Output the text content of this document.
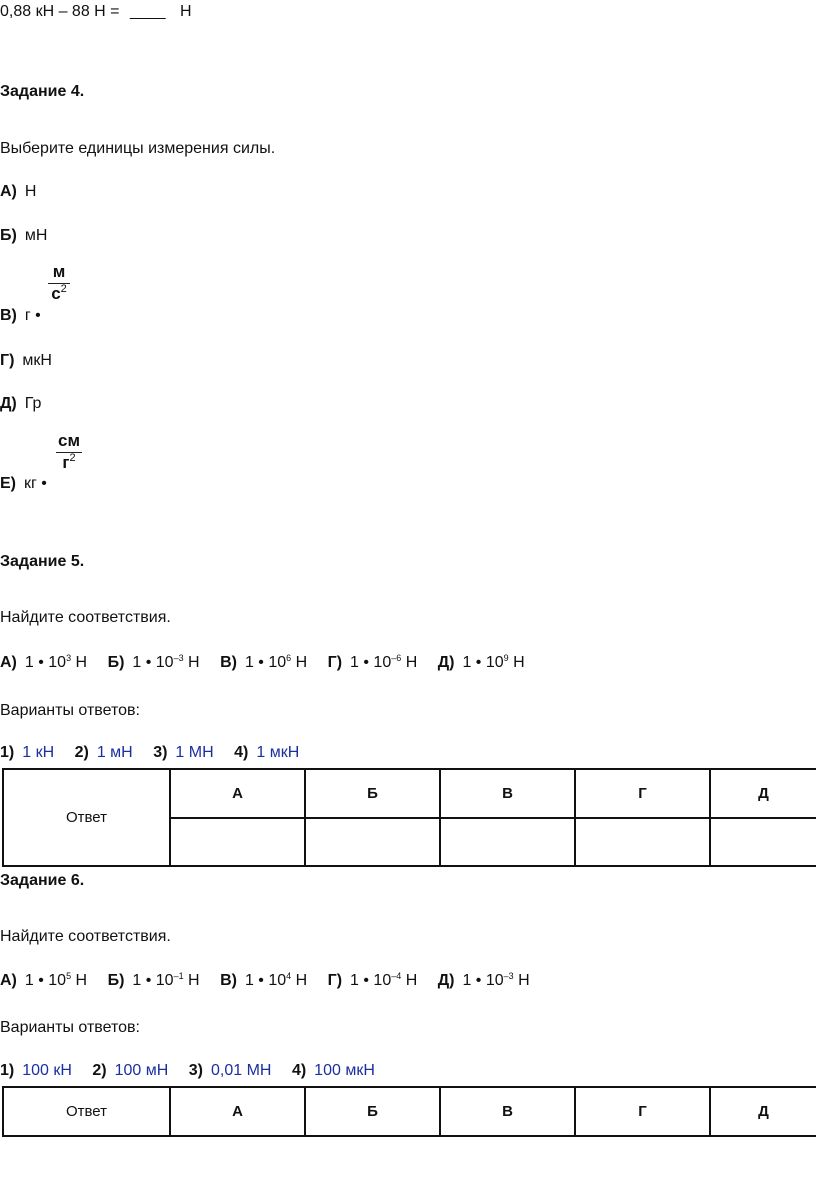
0,88 кН – 88 Н = ____ Н
Задание 4.
Выберите единицы измерения силы.
А) Н
Б) мН
В) г •
м
$с^2$
Г) мкН
Д) Гр
Е) кг •
см
$г^2$
Задание 5.
Найдите соответствия.
А) 1 • $10^3$ Н Б) 1 • $10^{-3}$ Н В) 1 • $10^6$ Н Г) 1 • $10^{-6}$ Н Д) 1 • $10^9$ Н
Варианты ответов:
1) 1 кН 2) 1 мН 3) 1 МН 4) 1 мкН
Ответ	А	Б	В	Г	Д

Задание 6.
Найдите соответствия.
А) 1 • $10^5$ Н Б) 1 • $10^{-1}$ Н В) 1 • $10^4$ Н Г) 1 • $10^{-4}$ Н Д) 1 • $10^{-3}$ Н
Варианты ответов:
1) 100 кН 2) 100 мН 3) 0,01 МН 4) 100 мкН
Ответ	А	Б	В	Г	Д
